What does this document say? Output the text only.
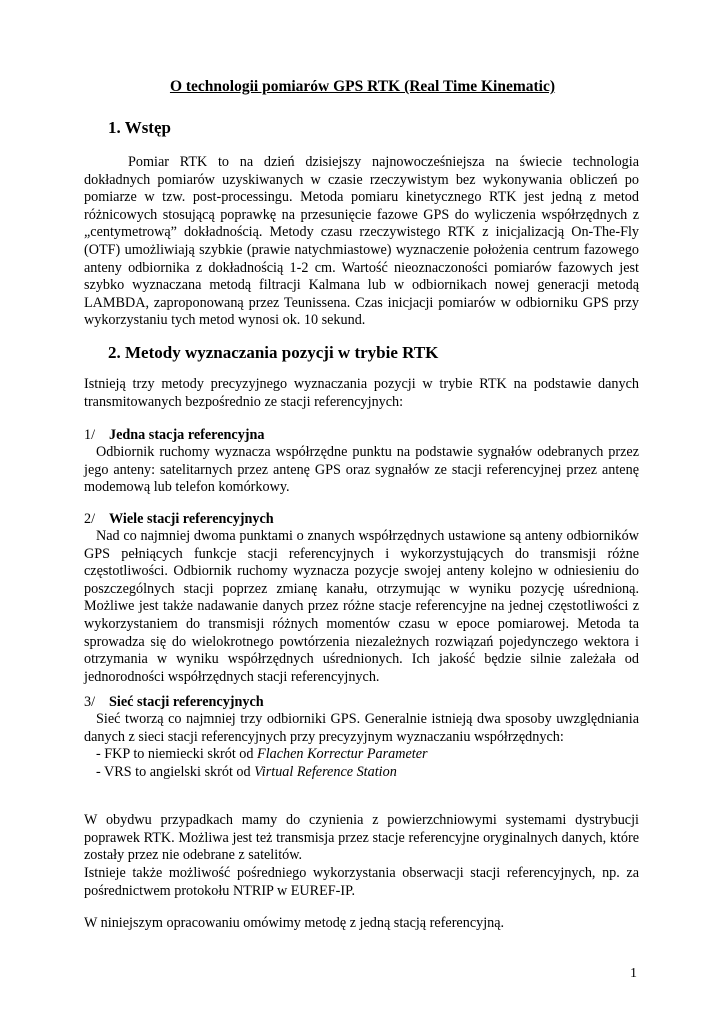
O technologii pomiarów GPS RTK (Real Time Kinematic)
1. Wstęp
Pomiar RTK to na dzień dzisiejszy najnowocześniejsza na świecie technologia dokładnych pomiarów uzyskiwanych w czasie rzeczywistym bez wykonywania obliczeń po pomiarze w tzw. post-processingu. Metoda pomiaru kinetycznego RTK jest jedną z metod różnicowych stosującą poprawkę na przesunięcie fazowe GPS do wyliczenia współrzędnych z „centymetrową” dokładnością. Metody czasu rzeczywistego RTK z inicjalizacją On-The-Fly (OTF) umożliwiają szybkie (prawie natychmiastowe) wyznaczenie położenia centrum fazowego anteny odbiornika z dokładnością 1-2 cm. Wartość nieoznaczoności pomiarów fazowych jest szybko wyznaczana metodą filtracji Kalmana lub w odbiornikach nowej generacji metodą LAMBDA, zaproponowaną przez Teunissena. Czas inicjacji pomiarów w odbiorniku GPS przy wykorzystaniu tych metod wynosi ok. 10 sekund.
2. Metody wyznaczania pozycji w trybie RTK
Istnieją trzy metody precyzyjnego wyznaczania pozycji w trybie RTK na podstawie danych transmitowanych bezpośrednio ze stacji referencyjnych:
1/ Jedna stacja referencyjna
Odbiornik ruchomy wyznacza współrzędne punktu na podstawie sygnałów odebranych przez jego anteny: satelitarnych przez antenę GPS oraz sygnałów ze stacji referencyjnej przez antenę modemową lub telefon komórkowy.
2/ Wiele stacji referencyjnych
Nad co najmniej dwoma punktami o znanych współrzędnych ustawione są anteny odbiorników GPS pełniących funkcje stacji referencyjnych i wykorzystujących do transmisji różne częstotliwości. Odbiornik ruchomy wyznacza pozycje swojej anteny kolejno w odniesieniu do poszczególnych stacji poprzez zmianę kanału, otrzymując w wyniku pozycję uśrednioną. Możliwe jest także nadawanie danych przez różne stacje referencyjne na jednej częstotliwości z wykorzystaniem do transmisji różnych momentów czasu w epoce pomiarowej. Metoda ta sprowadza się do wielokrotnego powtórzenia niezależnych rozwiązań pojedynczego wektora i otrzymania w wyniku współrzędnych uśrednionych. Ich jakość będzie silnie zależała od jednorodności współrzędnych stacji referencyjnych.
3/ Sieć stacji referencyjnych
Sieć tworzą co najmniej trzy odbiorniki GPS. Generalnie istnieją dwa sposoby uwzględniania danych z sieci stacji referencyjnych przy precyzyjnym wyznaczaniu współrzędnych:
- FKP to niemiecki skrót od Flachen Korrectur Parameter
- VRS to angielski skrót od Virtual Reference Station
W obydwu przypadkach mamy do czynienia z powierzchniowymi systemami dystrybucji poprawek RTK. Możliwa jest też transmisja przez stacje referencyjne oryginalnych danych, które zostały przez nie odebrane z satelitów.
Istnieje także możliwość pośredniego wykorzystania obserwacji stacji referencyjnych, np. za pośrednictwem protokołu NTRIP w EUREF-IP.
W niniejszym opracowaniu omówimy metodę z jedną stacją referencyjną.
1
